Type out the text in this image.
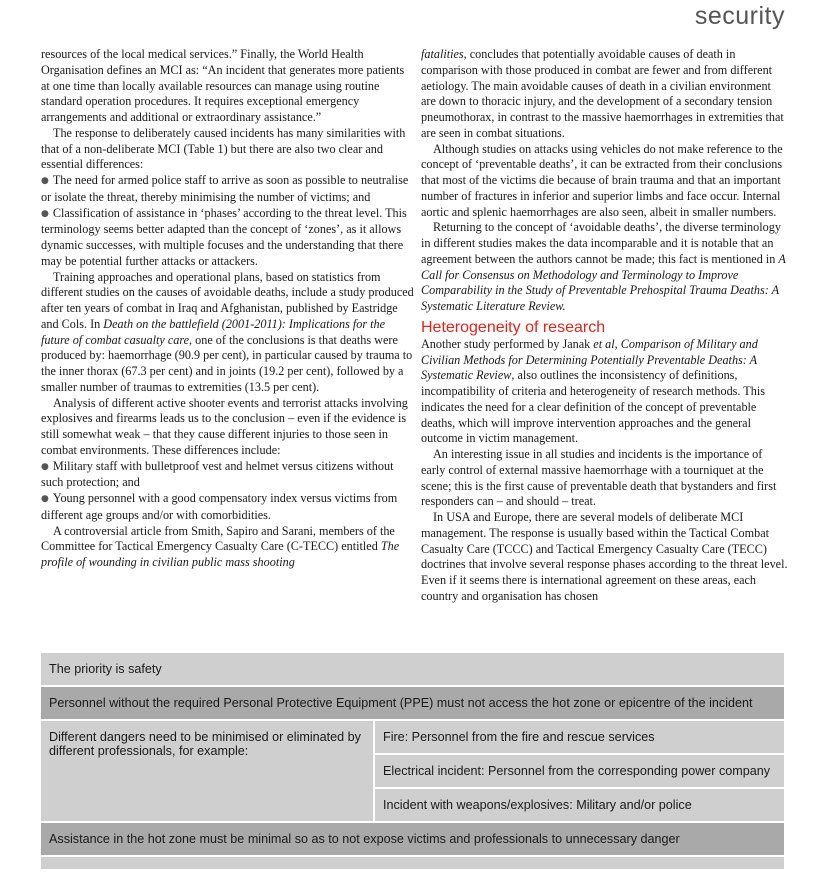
security

resources of the local medical services.” Finally, the World Health Organisation defines an MCI as: “An incident that generates more patients at one time than locally available resources can manage using routine standard operation procedures. It requires exceptional emergency arrangements and additional or extraordinary assistance.”

The response to deliberately caused incidents has many similarities with that of a non-deliberate MCI (Table 1) but there are also two clear and essential differences:

● The need for armed police staff to arrive as soon as possible to neutralise or isolate the threat, thereby minimising the number of victims; and

● Classification of assistance in ‘phases’ according to the threat level. This terminology seems better adapted than the concept of ‘zones’, as it allows dynamic successes, with multiple focuses and the understanding that there may be potential further attacks or attackers.

Training approaches and operational plans, based on statistics from different studies on the causes of avoidable deaths, include a study produced after ten years of combat in Iraq and Afghanistan, published by Eastridge and Cols. In Death on the battlefield (2001-2011): Implications for the future of combat casualty care, one of the conclusions is that deaths were produced by: haemorrhage (90.9 per cent), in particular caused by trauma to the inner thorax (67.3 per cent) and in joints (19.2 per cent), followed by a smaller number of traumas to extremities (13.5 per cent).

Analysis of different active shooter events and terrorist attacks involving explosives and firearms leads us to the conclusion – even if the evidence is still somewhat weak – that they cause different injuries to those seen in combat environments. These differences include:

● Military staff with bulletproof vest and helmet versus citizens without such protection; and

● Young personnel with a good compensatory index versus victims from different age groups and/or with comorbidities.

A controversial article from Smith, Sapiro and Sarani, members of the Committee for Tactical Emergency Casualty Care (C-TECC) entitled The profile of wounding in civilian public mass shooting

fatalities, concludes that potentially avoidable causes of death in comparison with those produced in combat are fewer and from different aetiology. The main avoidable causes of death in a civilian environment are down to thoracic injury, and the development of a secondary tension pneumothorax, in contrast to the massive haemorrhages in extremities that are seen in combat situations.

Although studies on attacks using vehicles do not make reference to the concept of ‘preventable deaths’, it can be extracted from their conclusions that most of the victims die because of brain trauma and that an important number of fractures in inferior and superior limbs and face occur. Internal aortic and splenic haemorrhages are also seen, albeit in smaller numbers.

Returning to the concept of ‘avoidable deaths’, the diverse terminology in different studies makes the data incomparable and it is notable that an agreement between the authors cannot be made; this fact is mentioned in A Call for Consensus on Methodology and Terminology to Improve Comparability in the Study of Preventable Prehospital Trauma Deaths: A Systematic Literature Review.

Heterogeneity of research

Another study performed by Janak et al, Comparison of Military and Civilian Methods for Determining Potentially Preventable Deaths: A Systematic Review, also outlines the inconsistency of definitions, incompatibility of criteria and heterogeneity of research methods. This indicates the need for a clear definition of the concept of preventable deaths, which will improve intervention approaches and the general outcome in victim management.

An interesting issue in all studies and incidents is the importance of early control of external massive haemorrhage with a tourniquet at the scene; this is the first cause of preventable death that bystanders and first responders can – and should – treat.

In USA and Europe, there are several models of deliberate MCI management. The response is usually based within the Tactical Combat Casualty Care (TCCC) and Tactical Emergency Casualty Care (TECC) doctrines that involve several response phases according to the threat level. Even if it seems there is international agreement on these areas, each country and organisation has chosen

The priority is safety
Personnel without the required Personal Protective Equipment (PPE) must not access the hot zone or epicentre of the incident
Different dangers need to be minimised or eliminated by different professionals, for example:
Fire: Personnel from the fire and rescue services
Electrical incident: Personnel from the corresponding power company
Incident with weapons/explosives: Military and/or police
Assistance in the hot zone must be minimal so as to not expose victims and professionals to unnecessary danger
